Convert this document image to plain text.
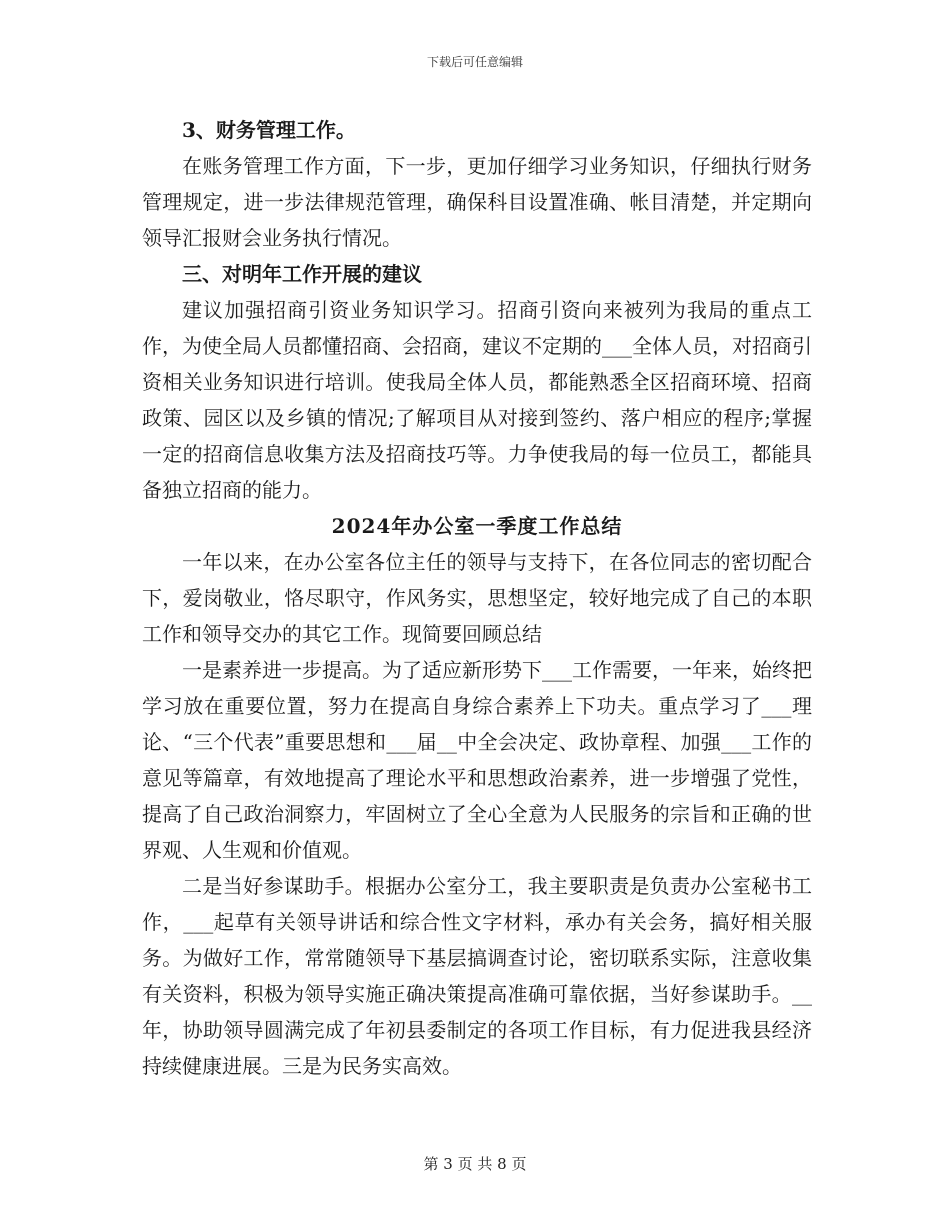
下载后可任意编辑

3、财务管理工作。

在账务管理工作方面，下一步，更加仔细学习业务知识，仔细执行财务管理规定，进一步法律规范管理，确保科目设置准确、帐目清楚，并定期向领导汇报财会业务执行情况。

三、对明年工作开展的建议

建议加强招商引资业务知识学习。招商引资向来被列为我局的重点工作，为使全局人员都懂招商、会招商，建议不定期的___全体人员，对招商引资相关业务知识进行培训。使我局全体人员，都能熟悉全区招商环境、招商政策、园区以及乡镇的情况;了解项目从对接到签约、落户相应的程序;掌握一定的招商信息收集方法及招商技巧等。力争使我局的每一位员工，都能具备独立招商的能力。

2024年办公室一季度工作总结

一年以来，在办公室各位主任的领导与支持下，在各位同志的密切配合下，爱岗敬业，恪尽职守，作风务实，思想坚定，较好地完成了自己的本职工作和领导交办的其它工作。现简要回顾总结

一是素养进一步提高。为了适应新形势下___工作需要，一年来，始终把学习放在重要位置，努力在提高自身综合素养上下功夫。重点学习了___理论、“三个代表”重要思想和___届__中全会决定、政协章程、加强___工作的意见等篇章，有效地提高了理论水平和思想政治素养，进一步增强了党性，提高了自己政治洞察力，牢固树立了全心全意为人民服务的宗旨和正确的世界观、人生观和价值观。

二是当好参谋助手。根据办公室分工，我主要职责是负责办公室秘书工作，___起草有关领导讲话和综合性文字材料，承办有关会务，搞好相关服务。为做好工作，常常随领导下基层搞调查讨论，密切联系实际，注意收集有关资料，积极为领导实施正确决策提高准确可靠依据，当好参谋助手。__年，协助领导圆满完成了年初县委制定的各项工作目标，有力促进我县经济持续健康进展。三是为民务实高效。

第 3 页 共 8 页
